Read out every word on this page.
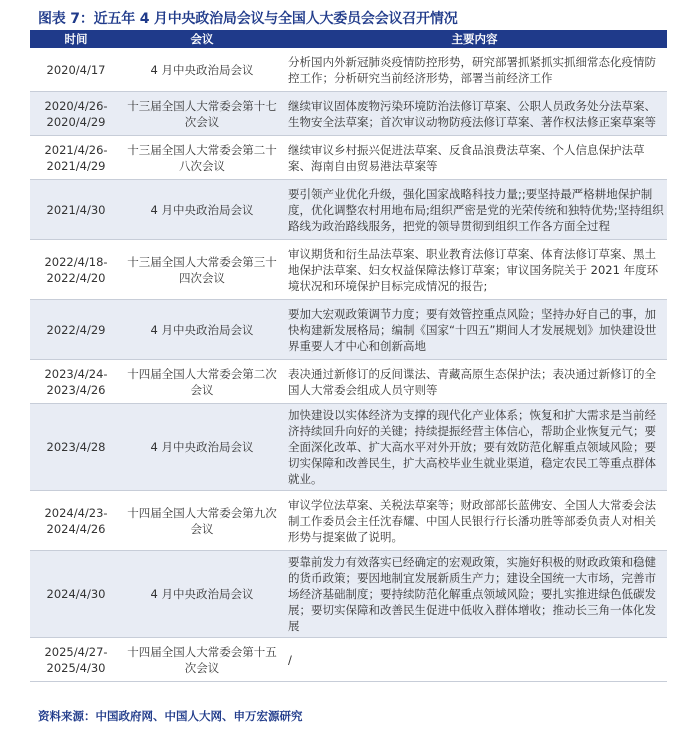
图表 7：近五年 4 月中央政治局会议与全国人大委员会会议召开情况
时间	会议	主要内容
2020/4/17	4 月中央政治局会议	分析国内外新冠肺炎疫情防控形势，研究部署抓紧抓实抓细常态化疫情防控工作；分析研究当前经济形势，部署当前经济工作
2020/4/26-2020/4/29	十三届全国人大常委会第十七次会议	继续审议固体废物污染环境防治法修订草案、公职人员政务处分法草案、生物安全法草案；首次审议动物防疫法修订草案、著作权法修正案草案等
2021/4/26-2021/4/29	十三届全国人大常委会第二十八次会议	继续审议乡村振兴促进法草案、反食品浪费法草案、个人信息保护法草案、海南自由贸易港法草案等
2021/4/30	4 月中央政治局会议	要引领产业优化升级，强化国家战略科技力量;;要坚持最严格耕地保护制度，优化调整农村用地布局;组织严密是党的光荣传统和独特优势;坚持组织路线为政治路线服务，把党的领导贯彻到组织工作各方面全过程
2022/4/18-2022/4/20	十三届全国人大常委会第三十四次会议	审议期货和衍生品法草案、职业教育法修订草案、体育法修订草案、黑土地保护法草案、妇女权益保障法修订草案；审议国务院关于 2021 年度环境状况和环境保护目标完成情况的报告;
2022/4/29	4 月中央政治局会议	要加大宏观政策调节力度；要有效管控重点风险；坚持办好自己的事，加快构建新发展格局；编制《国家“十四五”期间人才发展规划》加快建设世界重要人才中心和创新高地
2023/4/24-2023/4/26	十四届全国人大常委会第二次会议	表决通过新修订的反间谍法、青藏高原生态保护法；表决通过新修订的全国人大常委会组成人员守则等
2023/4/28	4 月中央政治局会议	加快建设以实体经济为支撑的现代化产业体系；恢复和扩大需求是当前经济持续回升向好的关键；持续提振经营主体信心，帮助企业恢复元气；要全面深化改革、扩大高水平对外开放；要有效防范化解重点领域风险；要切实保障和改善民生，扩大高校毕业生就业渠道，稳定农民工等重点群体就业。
2024/4/23-2024/4/26	十四届全国人大常委会第九次会议	审议学位法草案、关税法草案等；财政部部长蓝佛安、全国人大常委会法制工作委员会主任沈春耀、中国人民银行行长潘功胜等部委负责人对相关形势与提案做了说明。
2024/4/30	4 月中央政治局会议	要靠前发力有效落实已经确定的宏观政策，实施好积极的财政政策和稳健的货币政策；要因地制宜发展新质生产力；建设全国统一大市场，完善市场经济基础制度；要持续防范化解重点领域风险；要扎实推进绿色低碳发展；要切实保障和改善民生促进中低收入群体增收；推动长三角一体化发展
2025/4/27-2025/4/30	十四届全国人大常委会第十五次会议	/
资料来源：中国政府网、中国人大网、申万宏源研究
